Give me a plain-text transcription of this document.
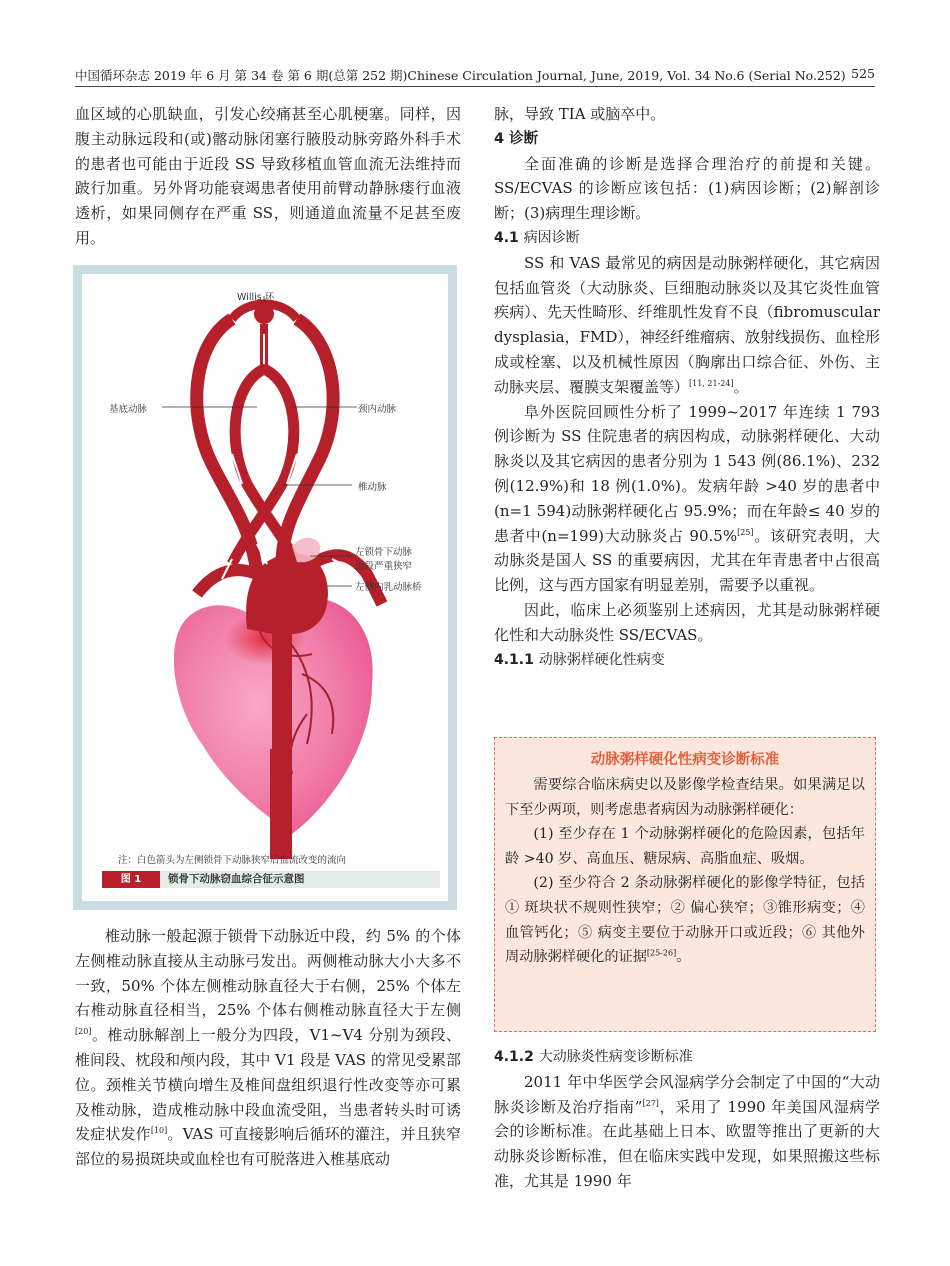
中国循环杂志 2019 年 6 月 第 34 卷 第 6 期(总第 252 期)Chinese Circulation Journal, June, 2019, Vol. 34 No.6 (Serial No.252) 525

血区域的心肌缺血，引发心绞痛甚至心肌梗塞。同样，因腹主动脉远段和(或)髂动脉闭塞行腋股动脉旁路外科手术的患者也可能由于近段 SS 导致移植血管血流无法维持而跛行加重。另外肾功能衰竭患者使用前臂动静脉瘘行血液透析，如果同侧存在严重 SS，则通道血流量不足甚至废用。

椎动脉一般起源于锁骨下动脉近中段，约 5% 的个体左侧椎动脉直接从主动脉弓发出。两侧椎动脉大小大多不一致，50% 个体左侧椎动脉直径大于右侧，25% 个体左右椎动脉直径相当，25% 个体右侧椎动脉直径大于左侧[20]。椎动脉解剖上一般分为四段，V1~V4 分别为颈段、椎间段、枕段和颅内段，其中 V1 段是 VAS 的常见受累部位。颈椎关节横向增生及椎间盘组织退行性改变等亦可累及椎动脉，造成椎动脉中段血流受阻，当患者转头时可诱发症状发作[10]。VAS 可直接影响后循环的灌注，并且狭窄部位的易损斑块或血栓也有可脱落进入椎基底动

Willis 环
基底动脉	颈内动脉
椎动脉
左锁骨下动脉
近段严重狭窄
左侧内乳动脉桥
注：白色箭头为左侧锁骨下动脉狭窄后血流改变的流向
图 1	锁骨下动脉窃血综合征示意图

脉，导致 TIA 或脑卒中。

4 诊断

全面准确的诊断是选择合理治疗的前提和关键。SS/ECVAS 的诊断应该包括：(1)病因诊断；(2)解剖诊断；(3)病理生理诊断。

4.1 病因诊断

SS 和 VAS 最常见的病因是动脉粥样硬化，其它病因包括血管炎（大动脉炎、巨细胞动脉炎以及其它炎性血管疾病）、先天性畸形、纤维肌性发育不良（fibromuscular dysplasia，FMD），神经纤维瘤病、放射线损伤、血栓形成或栓塞、以及机械性原因（胸廓出口综合征、外伤、主动脉夹层、覆膜支架覆盖等）[11, 21-24]。

阜外医院回顾性分析了 1999~2017 年连续 1 793 例诊断为 SS 住院患者的病因构成，动脉粥样硬化、大动脉炎以及其它病因的患者分别为 1 543 例(86.1%)、232 例(12.9%)和 18 例(1.0%)。发病年龄 >40 岁的患者中(n=1 594)动脉粥样硬化占 95.9%；而在年龄≤ 40 岁的患者中(n=199)大动脉炎占 90.5%[25]。该研究表明，大动脉炎是国人 SS 的重要病因，尤其在年青患者中占很高比例，这与西方国家有明显差别，需要予以重视。

因此，临床上必须鉴别上述病因，尤其是动脉粥样硬化性和大动脉炎性 SS/ECVAS。

4.1.1 动脉粥样硬化性病变

动脉粥样硬化性病变诊断标准

需要综合临床病史以及影像学检查结果。如果满足以下至少两项，则考虑患者病因为动脉粥样硬化：

(1) 至少存在 1 个动脉粥样硬化的危险因素，包括年龄 >40 岁、高血压、糖尿病、高脂血症、吸烟。

(2) 至少符合 2 条动脉粥样硬化的影像学特征，包括① 斑块状不规则性狭窄；② 偏心狭窄；③锥形病变；④ 血管钙化；⑤ 病变主要位于动脉开口或近段；⑥ 其他外周动脉粥样硬化的证据[25-26]。

4.1.2 大动脉炎性病变诊断标准

2011 年中华医学会风湿病学分会制定了中国的“大动脉炎诊断及治疗指南”[27]，采用了 1990 年美国风湿病学会的诊断标准。在此基础上日本、欧盟等推出了更新的大动脉炎诊断标准，但在临床实践中发现，如果照搬这些标准，尤其是 1990 年
